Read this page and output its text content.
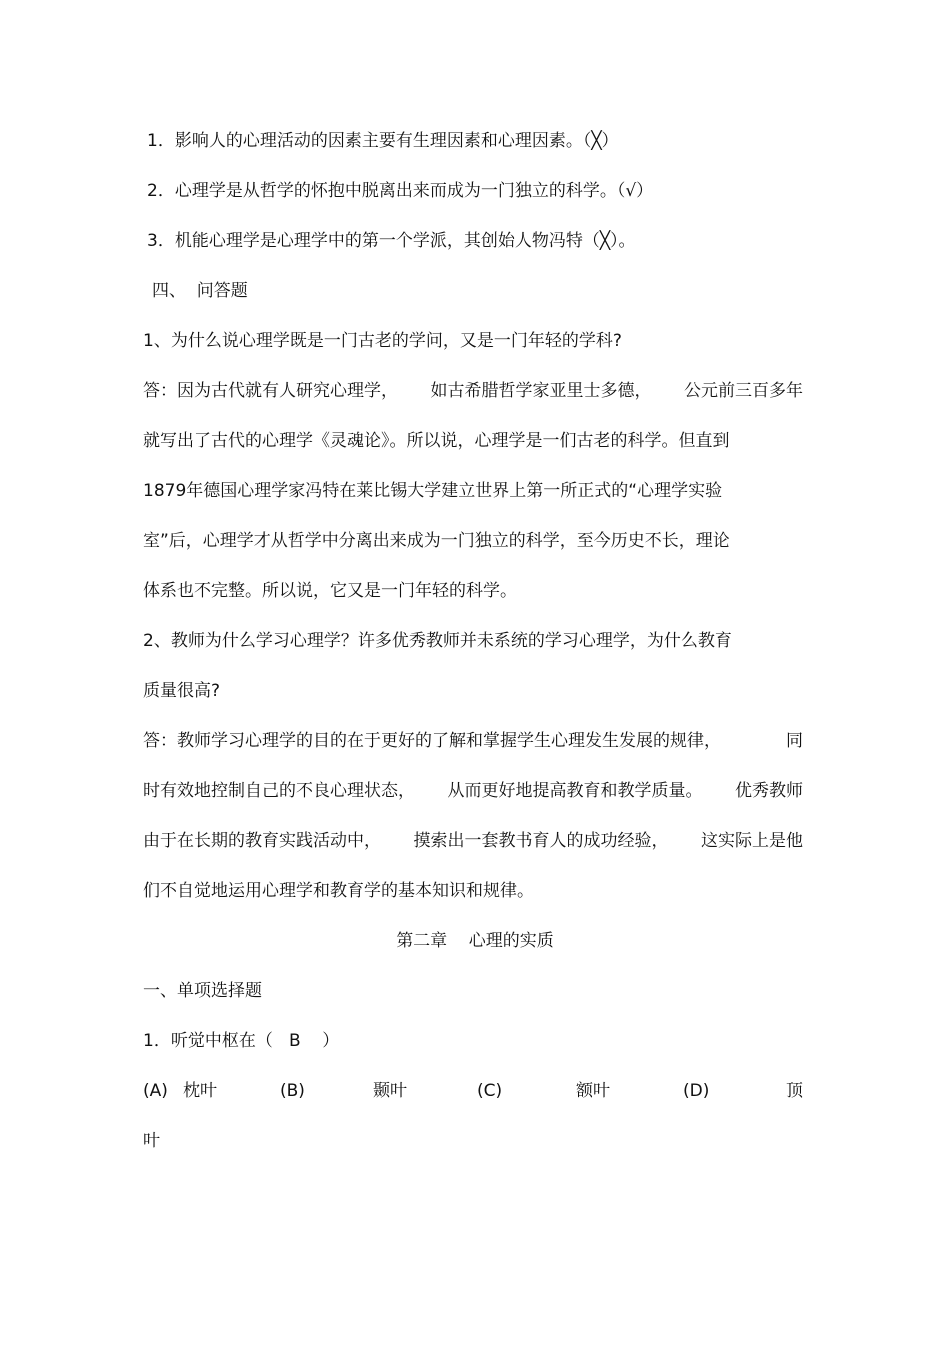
1．影响人的心理活动的因素主要有生理因素和心理因素。（╳）
2．心理学是从哲学的怀抱中脱离出来而成为一门独立的科学。（√）
3．机能心理学是心理学中的第一个学派，其创始人物冯特（╳）。
四、  问答题
1、为什么说心理学既是一门古老的学问，又是一门年轻的学科?
答：因为古代就有人研究心理学， 如古希腊哲学家亚里士多德， 公元前三百多年
就写出了古代的心理学《灵魂论》。所以说，心理学是一们古老的科学。但直到
1879年德国心理学家冯特在莱比锡大学建立世界上第一所正式的“心理学实验
室”后，心理学才从哲学中分离出来成为一门独立的科学，至今历史不长，理论
体系也不完整。所以说，它又是一门年轻的科学。
2、教师为什么学习心理学？许多优秀教师并未系统的学习心理学，为什么教育
质量很高?
答：教师学习心理学的目的在于更好的了解和掌握学生心理发生发展的规律，	同
时有效地控制自己的不良心理状态， 从而更好地提高教育和教学质量。 优秀教师
由于在长期的教育实践活动中， 摸索出一套教书育人的成功经验， 这实际上是他
们不自觉地运用心理学和教育学的基本知识和规律。
第二章    心理的实质
一、单项选择题
1．听觉中枢在（   B    ）
(A) 枕叶	(B)	颞叶	(C)	额叶	(D)	顶
叶
